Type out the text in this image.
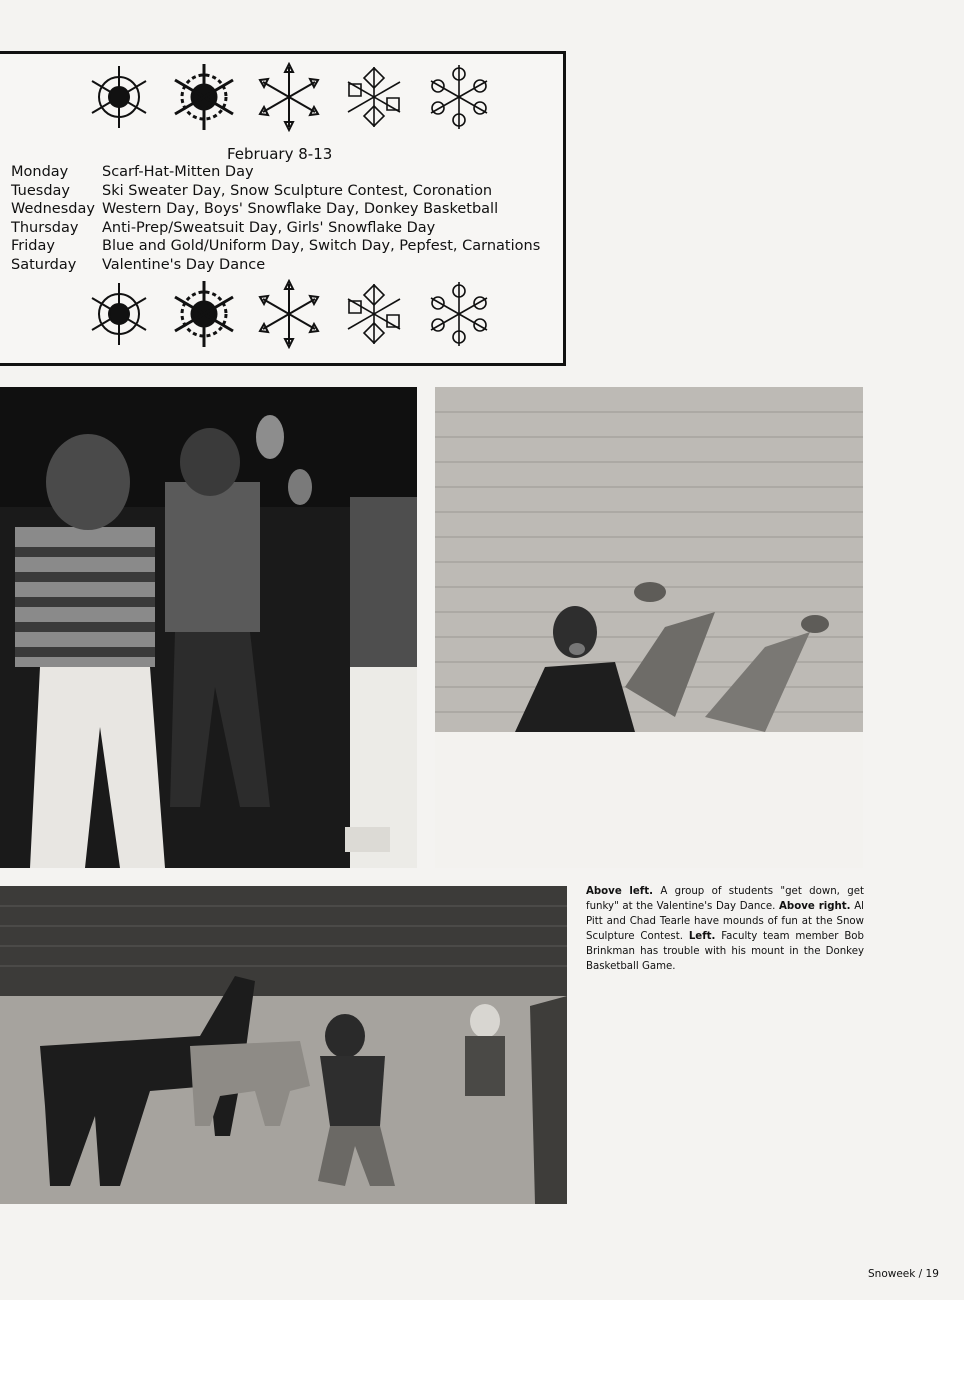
February 8-13
Monday Scarf-Hat-Mitten Day
Tuesday Ski Sweater Day, Snow Sculpture Contest, Coronation
Wednesday Western Day, Boys' Snowflake Day, Donkey Basketball
Thursday Anti-Prep/Sweatsuit Day, Girls' Snowflake Day
Friday	Blue and Gold/Uniform Day, Switch Day, Pepfest, Carnations
Saturday Valentine's Day Dance
Above left. A group of students "get down, get funky" at the Valentine's Day Dance. Above right. Al Pitt and Chad Tearle have mounds of fun at the Snow Sculpture Contest. Left. Faculty team member Bob Brinkman has trouble with his mount in the Donkey Basketball Game.
Snoweek / 19
